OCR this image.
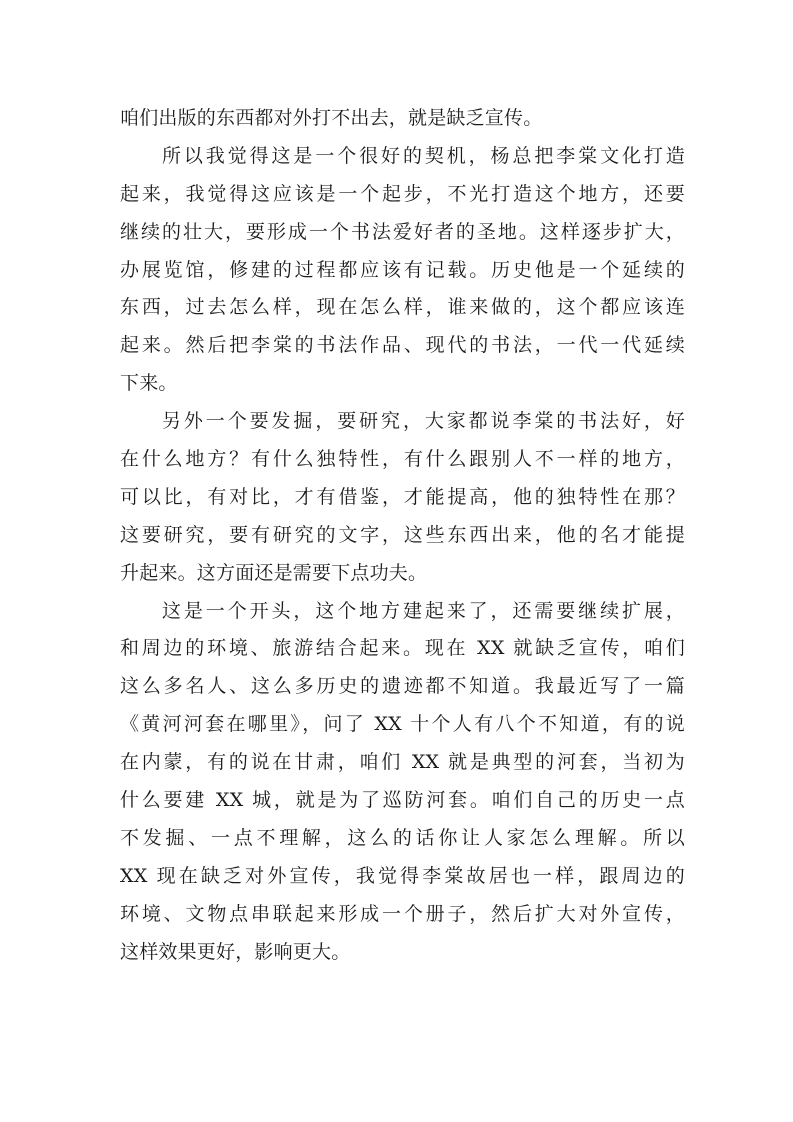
咱们出版的东西都对外打不出去，就是缺乏宣传。
所以我觉得这是一个很好的契机，杨总把李棠文化打造
起来，我觉得这应该是一个起步，不光打造这个地方，还要
继续的壮大，要形成一个书法爱好者的圣地。这样逐步扩大，
办展览馆，修建的过程都应该有记载。历史他是一个延续的
东西，过去怎么样，现在怎么样，谁来做的，这个都应该连
起来。然后把李棠的书法作品、现代的书法，一代一代延续
下来。
另外一个要发掘，要研究，大家都说李棠的书法好，好
在什么地方？有什么独特性，有什么跟别人不一样的地方，
可以比，有对比，才有借鉴，才能提高，他的独特性在那？
这要研究，要有研究的文字，这些东西出来，他的名才能提
升起来。这方面还是需要下点功夫。
这是一个开头，这个地方建起来了，还需要继续扩展，
和周边的环境、旅游结合起来。现在 XX 就缺乏宣传，咱们
这么多名人、这么多历史的遗迹都不知道。我最近写了一篇
《黄河河套在哪里》，问了 XX 十个人有八个不知道，有的说
在内蒙，有的说在甘肃，咱们 XX 就是典型的河套，当初为
什么要建 XX 城，就是为了巡防河套。咱们自己的历史一点
不发掘、一点不理解，这么的话你让人家怎么理解。所以
XX 现在缺乏对外宣传，我觉得李棠故居也一样，跟周边的
环境、文物点串联起来形成一个册子，然后扩大对外宣传，
这样效果更好，影响更大。
